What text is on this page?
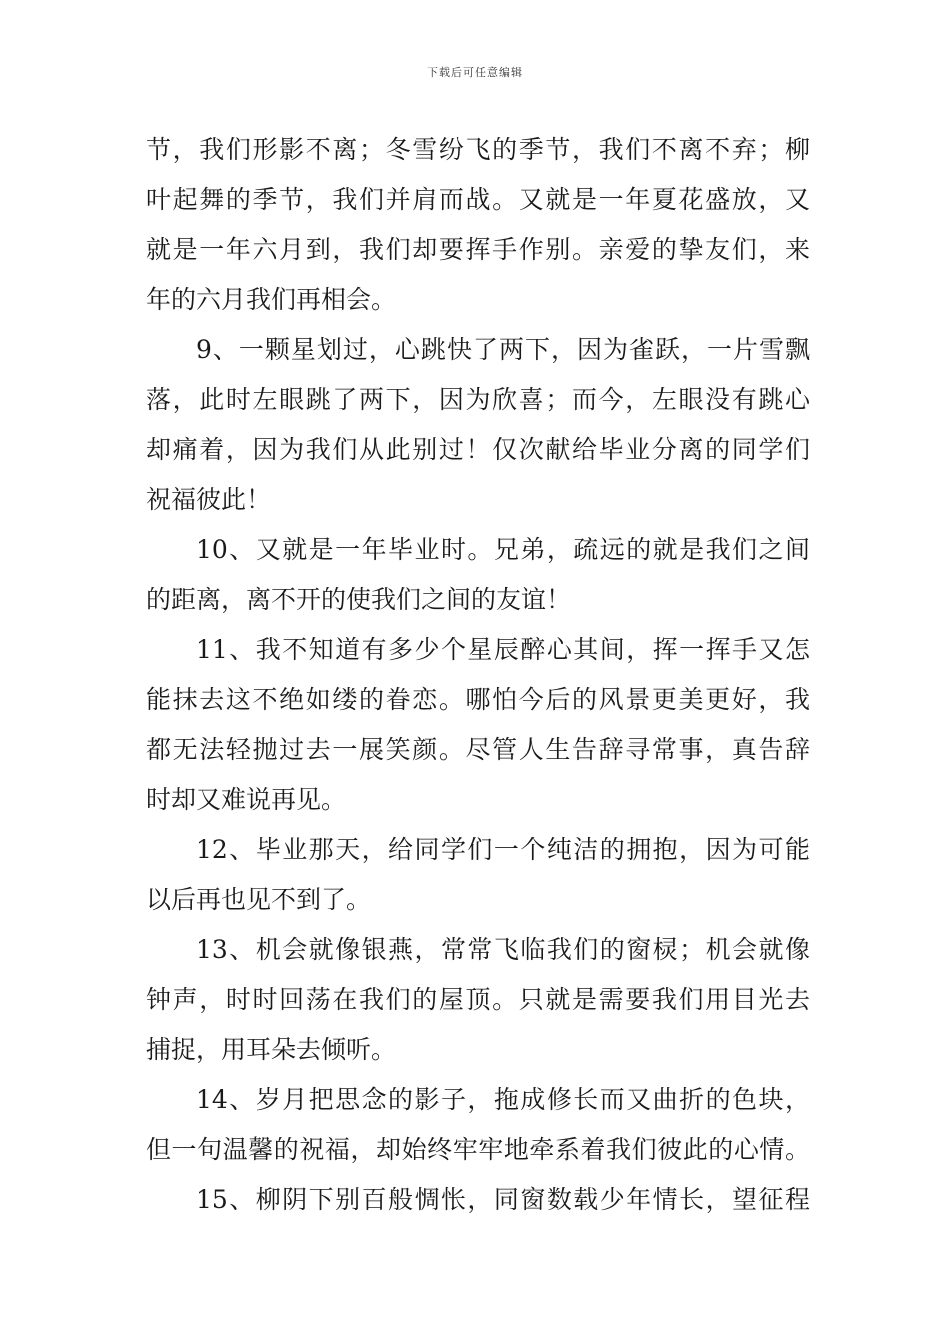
下载后可任意编辑
节，我们形影不离；冬雪纷飞的季节，我们不离不弃；柳
叶起舞的季节，我们并肩而战。又就是一年夏花盛放，又
就是一年六月到，我们却要挥手作别。亲爱的挚友们，来
年的六月我们再相会。
9、一颗星划过，心跳快了两下，因为雀跃，一片雪飘
落，此时左眼跳了两下，因为欣喜；而今，左眼没有跳心
却痛着，因为我们从此别过！仅次献给毕业分离的同学们
祝福彼此！
10、又就是一年毕业时。兄弟，疏远的就是我们之间
的距离，离不开的使我们之间的友谊！
11、我不知道有多少个星辰醉心其间，挥一挥手又怎
能抹去这不绝如缕的眷恋。哪怕今后的风景更美更好，我
都无法轻抛过去一展笑颜。尽管人生告辞寻常事，真告辞
时却又难说再见。
12、毕业那天，给同学们一个纯洁的拥抱，因为可能
以后再也见不到了。
13、机会就像银燕，常常飞临我们的窗棂；机会就像
钟声，时时回荡在我们的屋顶。只就是需要我们用目光去
捕捉，用耳朵去倾听。
14、岁月把思念的影子，拖成修长而又曲折的色块，
但一句温馨的祝福，却始终牢牢地牵系着我们彼此的心情。
15、柳阴下别百般惆怅，同窗数载少年情长，望征程
